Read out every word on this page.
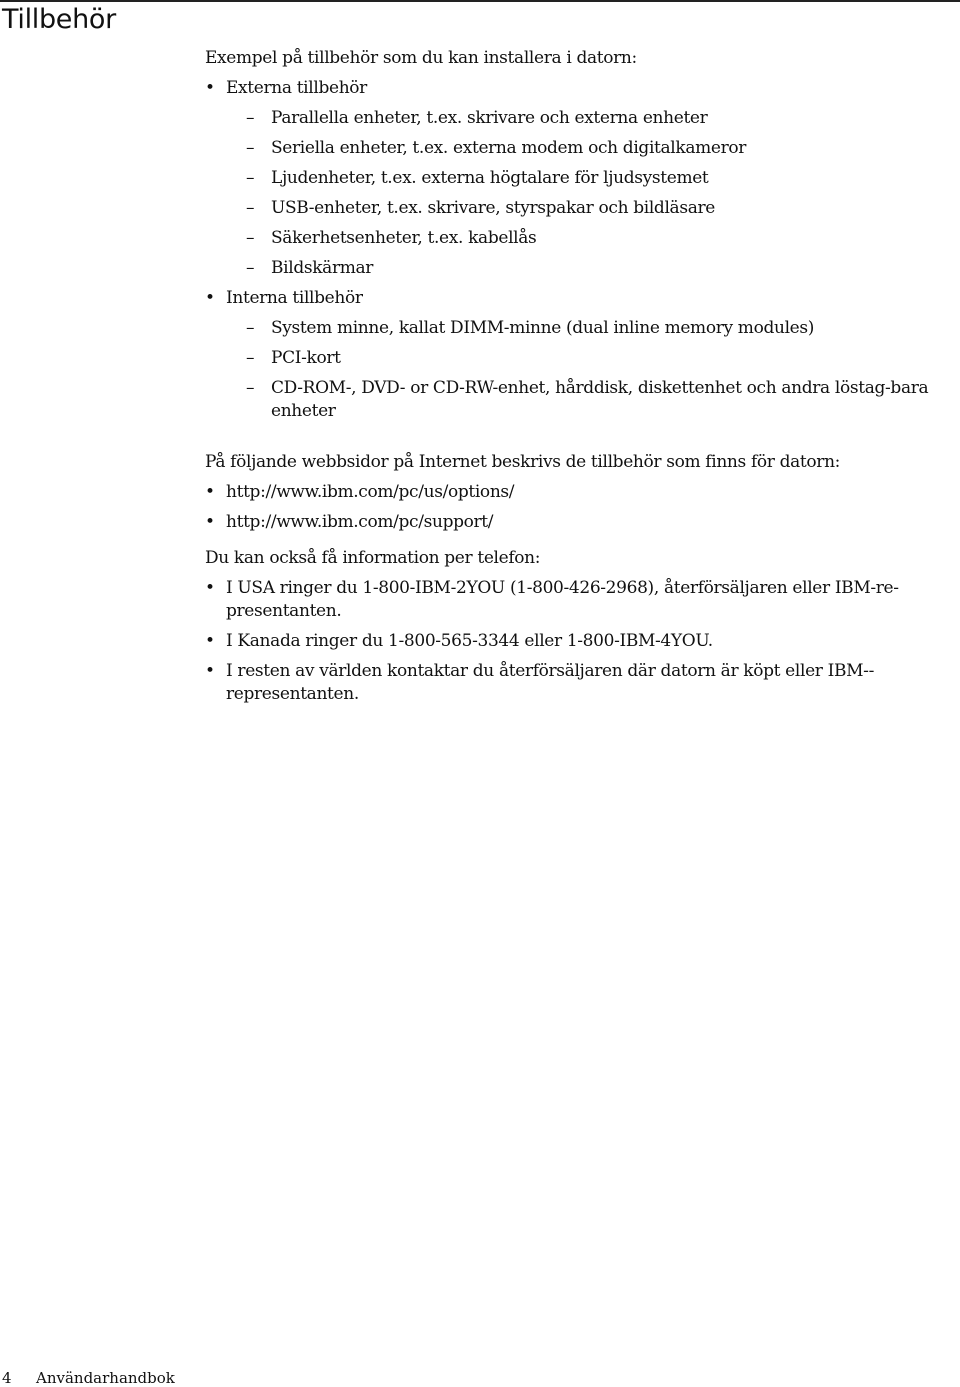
Tillbehör

Exempel på tillbehör som du kan installera i datorn:

• Externa tillbehör
– Parallella enheter, t.ex. skrivare och externa enheter
– Seriella enheter, t.ex. externa modem och digitalkameror
– Ljudenheter, t.ex. externa högtalare för ljudsystemet
– USB-enheter, t.ex. skrivare, styrspakar och bildläsare
– Säkerhetsenheter, t.ex. kabellås
– Bildskärmar
• Interna tillbehör
– System minne, kallat DIMM-minne (dual inline memory modules)
– PCI-kort
– CD-ROM-, DVD- or CD-RW-enhet, hårddisk, diskettenhet och andra löstag-bara enheter

På följande webbsidor på Internet beskrivs de tillbehör som finns för datorn:

• http://www.ibm.com/pc/us/options/
• http://www.ibm.com/pc/support/

Du kan också få information per telefon:

• I USA ringer du 1-800-IBM-2YOU (1-800-426-2968), återförsäljaren eller IBM-representanten.
• I Kanada ringer du 1-800-565-3344 eller 1-800-IBM-4YOU.
• I resten av världen kontaktar du återförsäljaren där datorn är köpt eller IBM-representanten.
4 Användarhandbok
